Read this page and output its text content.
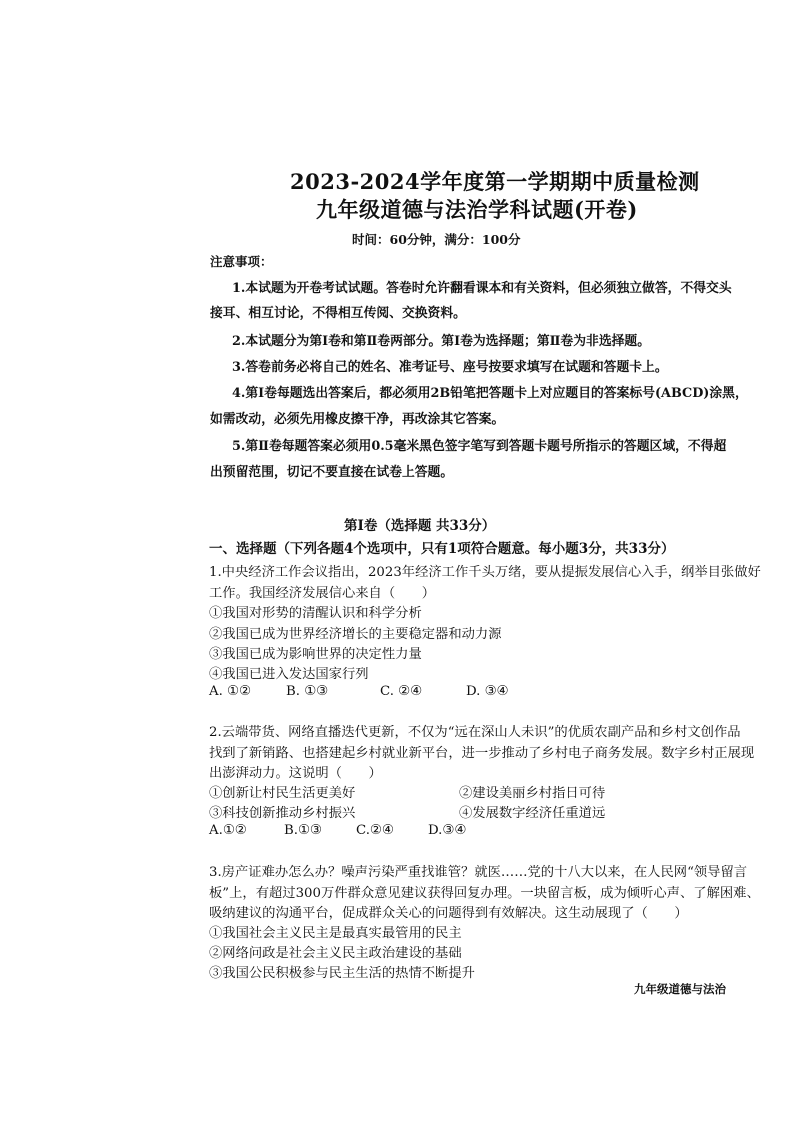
2023-2024学年度第一学期期中质量检测
九年级道德与法治学科试题(开卷)
时间：60分钟，满分：100分
注意事项：
1.本试题为开卷考试试题。答卷时允许翻看课本和有关资料，但必须独立做答，不得交头
接耳、相互讨论，不得相互传阅、交换资料。
2.本试题分为第Ⅰ卷和第Ⅱ卷两部分。第Ⅰ卷为选择题；第Ⅱ卷为非选择题。
3.答卷前务必将自己的姓名、准考证号、座号按要求填写在试题和答题卡上。
4.第Ⅰ卷每题选出答案后，都必须用2B铅笔把答题卡上对应题目的答案标号(ABCD)涂黑，
如需改动，必须先用橡皮擦干净，再改涂其它答案。
5.第Ⅱ卷每题答案必须用0.5毫米黑色签字笔写到答题卡题号所指示的答题区域，不得超
出预留范围，切记不要直接在试卷上答题。
第Ⅰ卷（选择题 共33分）
一、选择题（下列各题4个选项中，只有1项符合题意。每小题3分，共33分）
1.中央经济工作会议指出，2023年经济工作千头万绪，要从提振发展信心入手，纲举目张做好
工作。我国经济发展信心来自（　　）
①我国对形势的清醒认识和科学分析
②我国已成为世界经济增长的主要稳定器和动力源
③我国已成为影响世界的决定性力量
④我国已进入发达国家行列
A. ①②	B. ①③	C. ②④	D. ③④
2.云端带货、网络直播迭代更新，不仅为“远在深山人未识”的优质农副产品和乡村文创作品
找到了新销路、也搭建起乡村就业新平台，进一步推动了乡村电子商务发展。数字乡村正展现
出澎湃动力。这说明（　　）
①创新让村民生活更美好	②建设美丽乡村指日可待
③科技创新推动乡村振兴	④发展数字经济任重道远
A.①②	B.①③	C.②④	D.③④
3.房产证难办怎么办？噪声污染严重找谁管？就医……党的十八大以来，在人民网“领导留言
板”上，有超过300万件群众意见建议获得回复办理。一块留言板，成为倾听心声、了解困难、
吸纳建议的沟通平台，促成群众关心的问题得到有效解决。这生动展现了（　　）
①我国社会主义民主是最真实最管用的民主
②网络问政是社会主义民主政治建设的基础
③我国公民积极参与民主生活的热情不断提升
九年级道德与法治
